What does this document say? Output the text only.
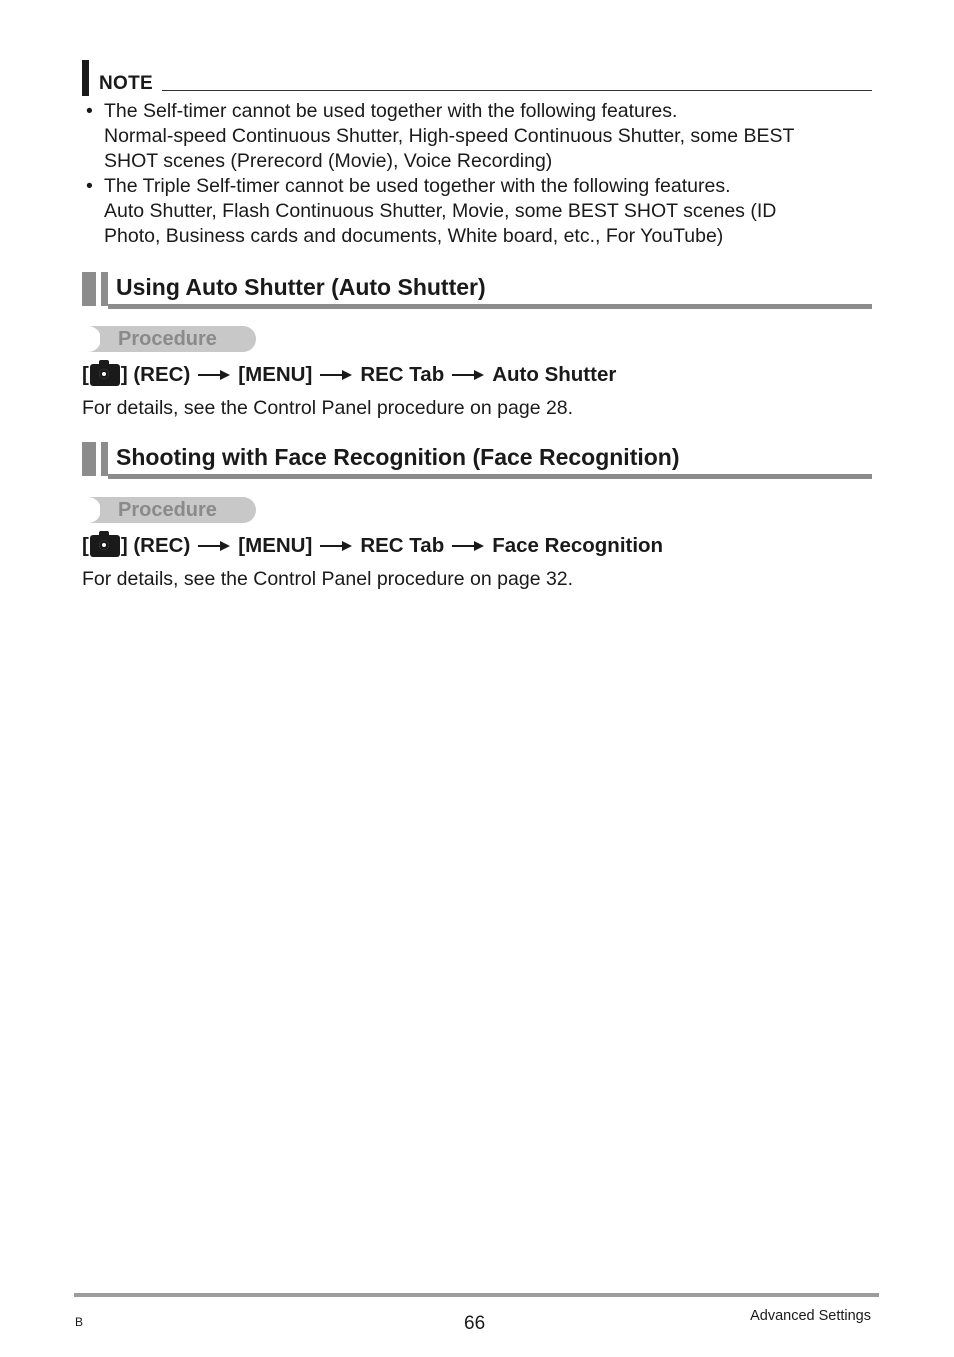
NOTE
• The Self-timer cannot be used together with the following features.
Normal-speed Continuous Shutter, High-speed Continuous Shutter, some BEST
SHOT scenes (Prerecord (Movie), Voice Recording)
• The Triple Self-timer cannot be used together with the following features.
Auto Shutter, Flash Continuous Shutter, Movie, some BEST SHOT scenes (ID
Photo, Business cards and documents, White board, etc., For YouTube)
Using Auto Shutter (Auto Shutter)
Procedure
[ ] (REC) [MENU] REC Tab Auto Shutter
For details, see the Control Panel procedure on page 28.
Shooting with Face Recognition (Face Recognition)
Procedure
[ ] (REC) [MENU] REC Tab Face Recognition
For details, see the Control Panel procedure on page 32.
B	66	Advanced Settings
